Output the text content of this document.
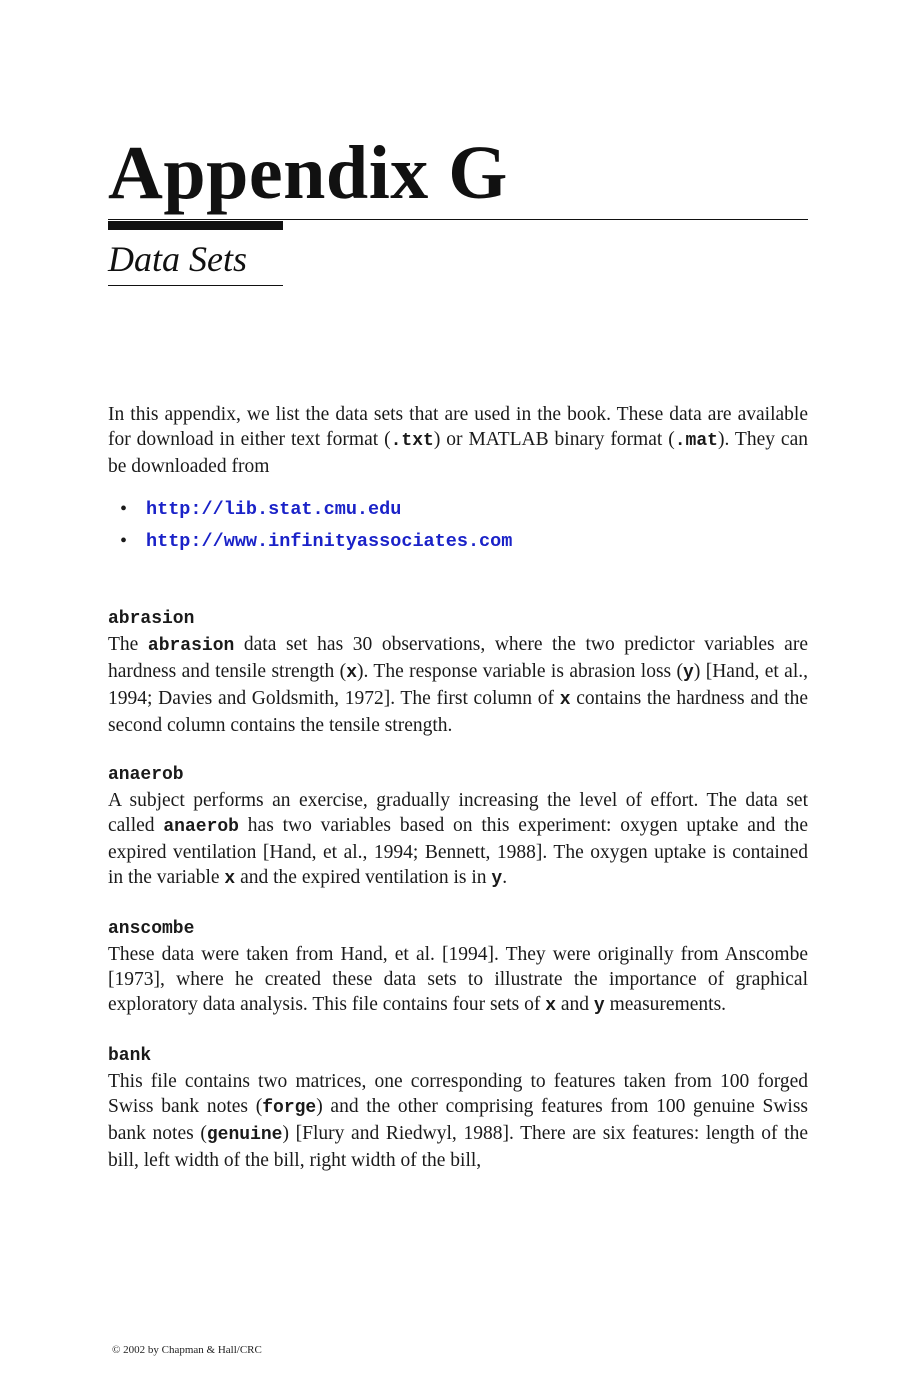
Appendix G
Data Sets

In this appendix, we list the data sets that are used in the book. These data are available for download in either text format (.txt) or MATLAB binary format (.mat). They can be downloaded from

• http://lib.stat.cmu.edu
• http://www.infinityassociates.com
abrasion

The abrasion data set has 30 observations, where the two predictor variables are hardness and tensile strength (x). The response variable is abrasion loss (y) [Hand, et al., 1994; Davies and Goldsmith, 1972]. The first column of x contains the hardness and the second column contains the tensile strength.

anaerob

A subject performs an exercise, gradually increasing the level of effort. The data set called anaerob has two variables based on this experiment: oxygen uptake and the expired ventilation [Hand, et al., 1994; Bennett, 1988]. The oxygen uptake is contained in the variable x and the expired ventilation is in y.

anscombe

These data were taken from Hand, et al. [1994]. They were originally from Anscombe [1973], where he created these data sets to illustrate the importance of graphical exploratory data analysis. This file contains four sets of x and y measurements.

bank

This file contains two matrices, one corresponding to features taken from 100 forged Swiss bank notes (forge) and the other comprising features from 100 genuine Swiss bank notes (genuine) [Flury and Riedwyl, 1988]. There are six features: length of the bill, left width of the bill, right width of the bill,

© 2002 by Chapman & Hall/CRC
